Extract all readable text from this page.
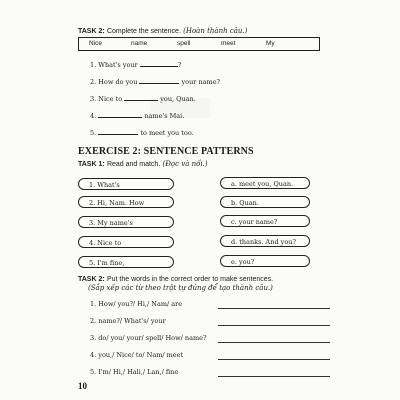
TASK 2: Complete the sentence. (Hoàn thành câu.)
Nice	name	spell	meet	My
1. What's your	?
2. How do you	your name?
3. Nice to	you, Quan.
4.	name's Mai.
5.	to meet you too.
EXERCISE 2: SENTENCE PATTERNS
TASK 1: Read and match. (Đọc và nối.)
1. What's
2. Hi, Nam. How
3. My name's
4. Nice to
5. I'm fine,
a. meet you, Quan.
b. Quan.
c. your name?
d. thanks. And you?
e. you?
TASK 2: Put the words in the correct order to make sentences.
(Sắp xếp các từ theo trật tự đúng để tạo thành câu.)
1. How/ you?/ Hi,/ Nam/ are
2. name?/ What's/ your
3. do/ you/ your/ spell/ How/ name?
4. you,/ Nice/ to/ Nam/ meet
5. I'm/ Hi,/ Hali,/ Lan,/ fine
10
